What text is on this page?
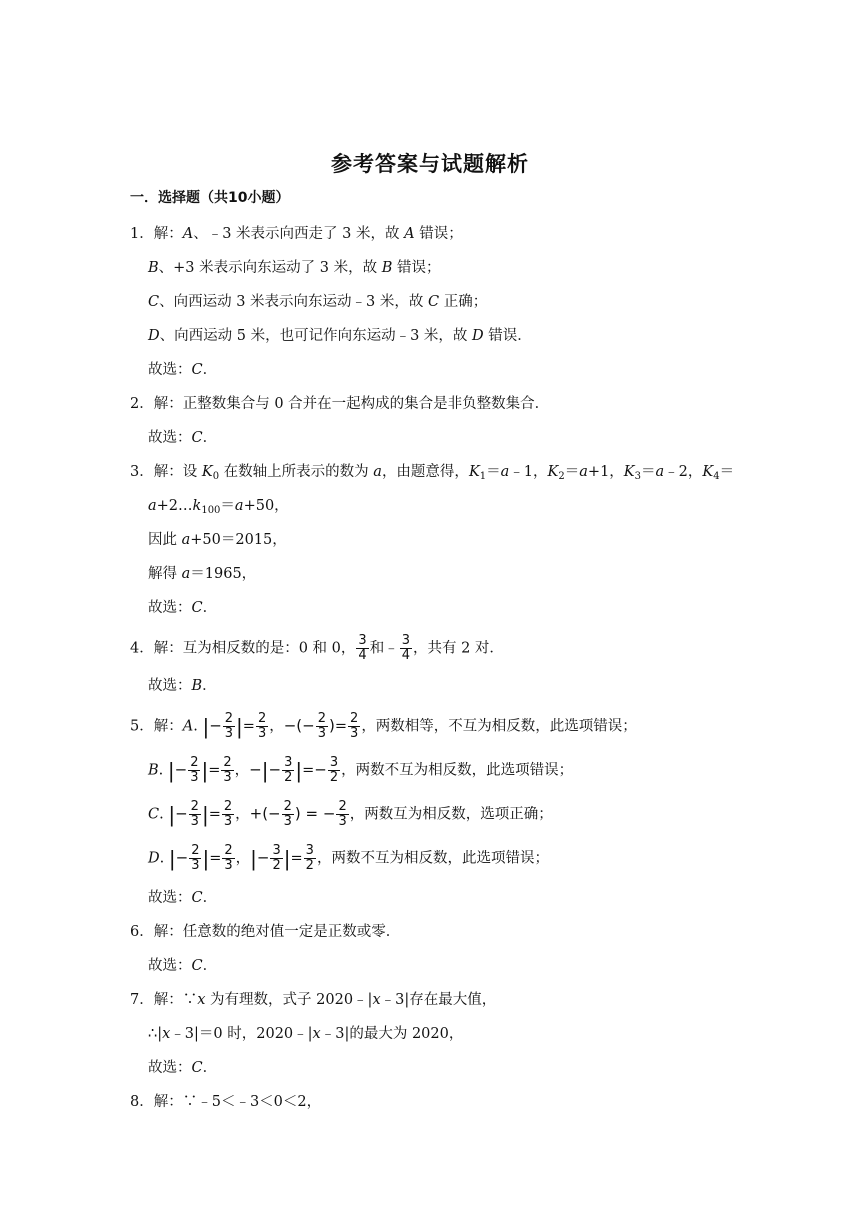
参考答案与试题解析
一．选择题（共10小题）
1．解：A、﹣3 米表示向西走了 3 米，故 A 错误；
B、+3 米表示向东运动了 3 米，故 B 错误；
C、向西运动 3 米表示向东运动﹣3 米，故 C 正确；
D、向西运动 5 米，也可记作向东运动﹣3 米，故 D 错误．
故选：C．
2．解：正整数集合与 0 合并在一起构成的集合是非负整数集合．
故选：C．
3．解：设 $K_0$ 在数轴上所表示的数为 a，由题意得，$K_1=a﹣1$，$K_2=a+1$，$K_3=a﹣2$，$K_4=$
$a+2\dots k_{100}=a+50$，
因此 a+50＝2015，
解得 a＝1965，
故选：C．
4．解：互为相反数的是：0 和 0， $\frac{3}{4}$ 和﹣ $\frac{3}{4}$ ，共有 2 对．
故选：B．
5．解：A. |− $\frac{2}{3}$ |= $\frac{2}{3}$ ，−(− $\frac{2}{3}$ )= $\frac{2}{3}$ ，两数相等，不互为相反数，此选项错误；
B. |− $\frac{2}{3}$ |= $\frac{2}{3}$ ，−|− $\frac{3}{2}$ |=− $\frac{3}{2}$ ，两数不互为相反数，此选项错误；
C. |− $\frac{2}{3}$ |= $\frac{2}{3}$ ，+(− $\frac{2}{3}$ ) = − $\frac{2}{3}$ ，两数互为相反数，选项正确；
D. |− $\frac{2}{3}$ |= $\frac{2}{3}$ ，|− $\frac{3}{2}$ |= $\frac{3}{2}$ ，两数不互为相反数，此选项错误；
故选：C．
6．解：任意数的绝对值一定是正数或零．
故选：C．
7．解：∵x 为有理数，式子 2020﹣|x﹣3|存在最大值，
∴|x﹣3|＝0 时，2020﹣|x﹣3|的最大为 2020，
故选：C．
8．解：∵﹣5＜﹣3＜0＜2，
